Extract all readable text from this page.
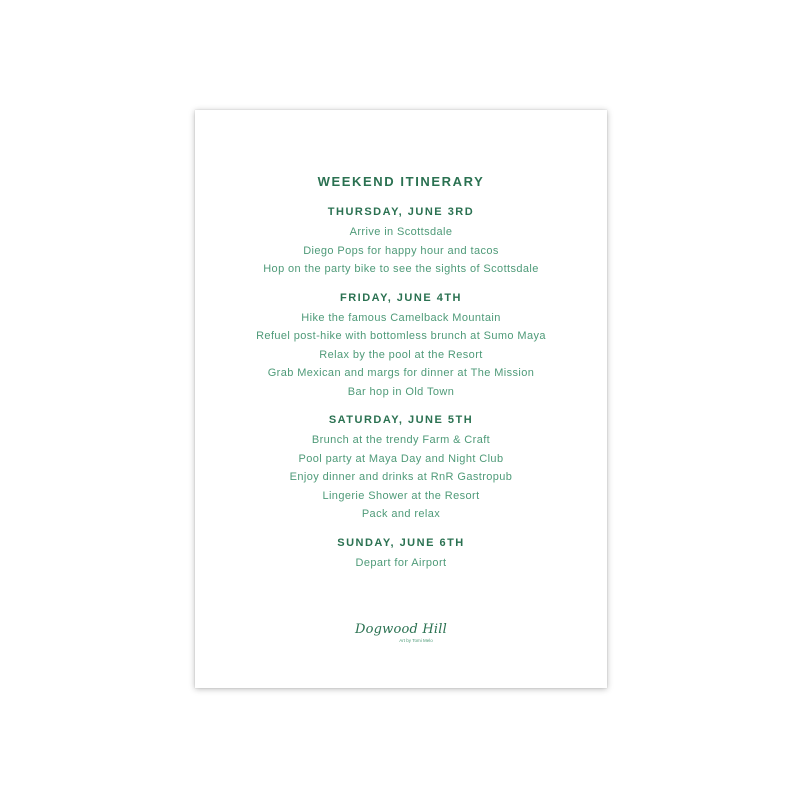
WEEKEND ITINERARY

THURSDAY, JUNE 3RD

Arrive in Scottsdale

Diego Pops for happy hour and tacos

Hop on the party bike to see the sights of Scottsdale

FRIDAY, JUNE 4TH

Hike the famous Camelback Mountain

Refuel post-hike with bottomless brunch at Sumo Maya

Relax by the pool at the Resort

Grab Mexican and margs for dinner at The Mission

Bar hop in Old Town

SATURDAY, JUNE 5TH

Brunch at the trendy Farm & Craft

Pool party at Maya Day and Night Club

Enjoy dinner and drinks at RnR Gastropub

Lingerie Shower at the Resort

Pack and relax

SUNDAY, JUNE 6TH

Depart for Airport

Dogwood Hill
Art by Tomi Melo
